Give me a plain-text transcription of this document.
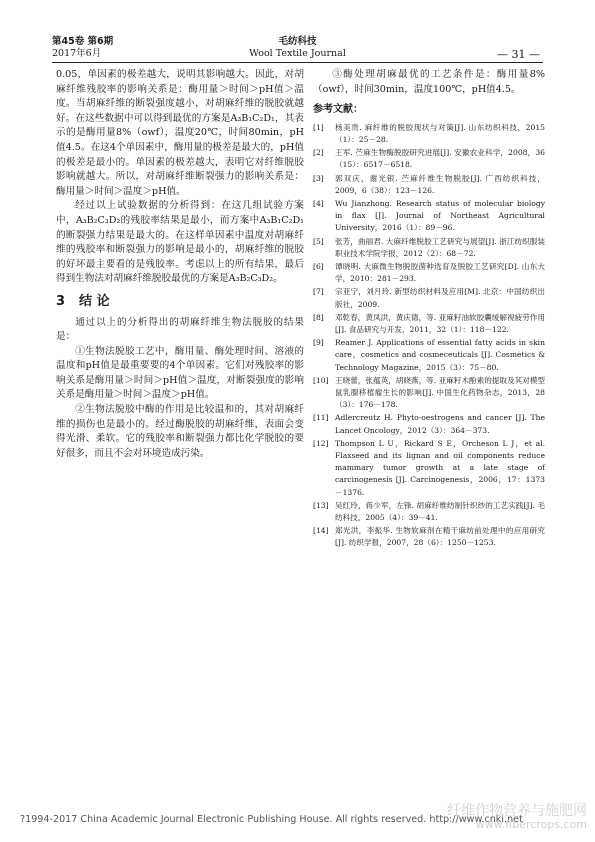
第45卷 第6期
2017年6月
毛纺科技
Wool Textile Journal	— 31 —

0.05，单因素的极差越大，说明其影响越大。因此，对胡麻纤维残胶率的影响关系是：酶用量＞时间＞pH值＞温度。当胡麻纤维的断裂强度越小，对胡麻纤维的脱胶就越好。在这些数据中可以得到最优的方案是A₃B₁C₂D₁，其表示的是酶用量8%（owf），温度20℃，时间80min，pH值4.5。在这4个单因素中，酶用量的极差是最大的，pH值的极差是最小的。单因素的极差越大，表明它对纤维脱胶影响就越大。所以，对胡麻纤维断裂强力的影响关系是：酶用量＞时间＞温度＞pH值。

经过以上试验数据的分析得到：在这几组试验方案中，A₃B₂C₃D₂的残胶率结果是最小，而方案中A₃B₁C₂D₁的断裂强力结果是最大的。在这样单因素中温度对胡麻纤维的残胶率和断裂强力的影响是最小的，胡麻纤维的脱胶的好坏最主要看的是残胶率。考虑以上的所有结果，最后得到生物法对胡麻纤维脱胶最优的方案是A₃B₂C₃D₂。

3 结 论

通过以上的分析得出的胡麻纤维生物法脱胶的结果是：

①生物法脱胶工艺中，酶用量、酶处理时间、溶液的温度和pH值是最重要要的4个单因素。它们对残胶率的影响关系是酶用量＞时间＞pH值＞温度，对断裂强度的影响关系是酶用量＞时间＞温度＞pH值。

②生物法脱胶中酶的作用是比较温和的，其对胡麻纤维的损伤也是最小的。经过酶脱胶的胡麻纤维，表面会变得光滑、柔软。它的残胶率和断裂强力都比化学脱胶的要好很多，而且不会对环境造成污染。

③酶处理胡麻最优的工艺条件是：酶用量8%（owf），时间30min，温度100℃，pH值4.5。

参考文献：
[1]	杨美贵. 麻纤维的脱胶现状与对策[J]. 山东纺织科技，2015（1）：25－28.
[2]	王军. 苎麻生物酶脱胶研究进展[J]. 安徽农业科学，2008，36（15）：6517－6518.
[3]	郭双庆，谢光银. 苎麻纤维生物脱胶[J]. 广西纺织科技，2009，6（38）：123－126.
[4]	Wu Jianzhong. Research status of molecular biology in flax [J]. Journal of Northeast Agricultural University，2016（1）：89－96.
[5]	张芳，曲丽君. 大麻纤维脱胶工艺研究与展望[J]. 浙江纺织服装职业技术学院学报，2012（2）：68－72.
[6]	谭晓明. 大麻微生物脱胶菌种选育及脱胶工艺研究[D]. 山东大学，2010：281－293.
[7]	宗亚宁，刘月玲. 新型纺织材料及应用[M]. 北京：中国纺织出版社，2009.
[8]	邓乾春，黄凤洪，黄庆德，等. 亚麻籽油软胶囊缓解视疲劳作用[J]. 食品研究与开发，2011，32（1）：118－122.
[9]	Reamer J. Applications of essential fatty acids in skin care，cosmetics and cosmeceuticals [J]. Cosmetics & Technology Magazine，2015（3）：75－80.
[10] 王晓蕾，张蕴英，胡晓燕，等. 亚麻籽木酚素的提取及其对模型鼠乳腺移植瘤生长的影响[J]. 中国生化药物杂志，2013，28（3）：176－178.
[11] Adlercreutz H. Phyto-oestrogens and cancer [J]. The Lancet Oncology，2012（3）：364－373.
[12] Thompson L U，Rickard S E，Orcheson L J，et al. Flaxseed and its lignan and oil components reduce mammary tumor growth at a late stage of carcinogenesis [J]. Carcinogenesis，2006，17：1373－1376.
[13] 吴红玲，蒋少军，左锋. 胡麻纤维纺制针织纱的工艺实践[J]. 毛纺科技，2005（4）：39－41.
[14] 郑光洪，李振华. 生物软麻剂在精干麻纺前处理中的应用研究[J]. 纺织学报，2007，28（6）：1250－1253.
?1994-2017 China Academic Journal Electronic Publishing House. All rights reserved. http://www.cnki.net
纤维作物营养与施肥网
www.fibercrops.com
